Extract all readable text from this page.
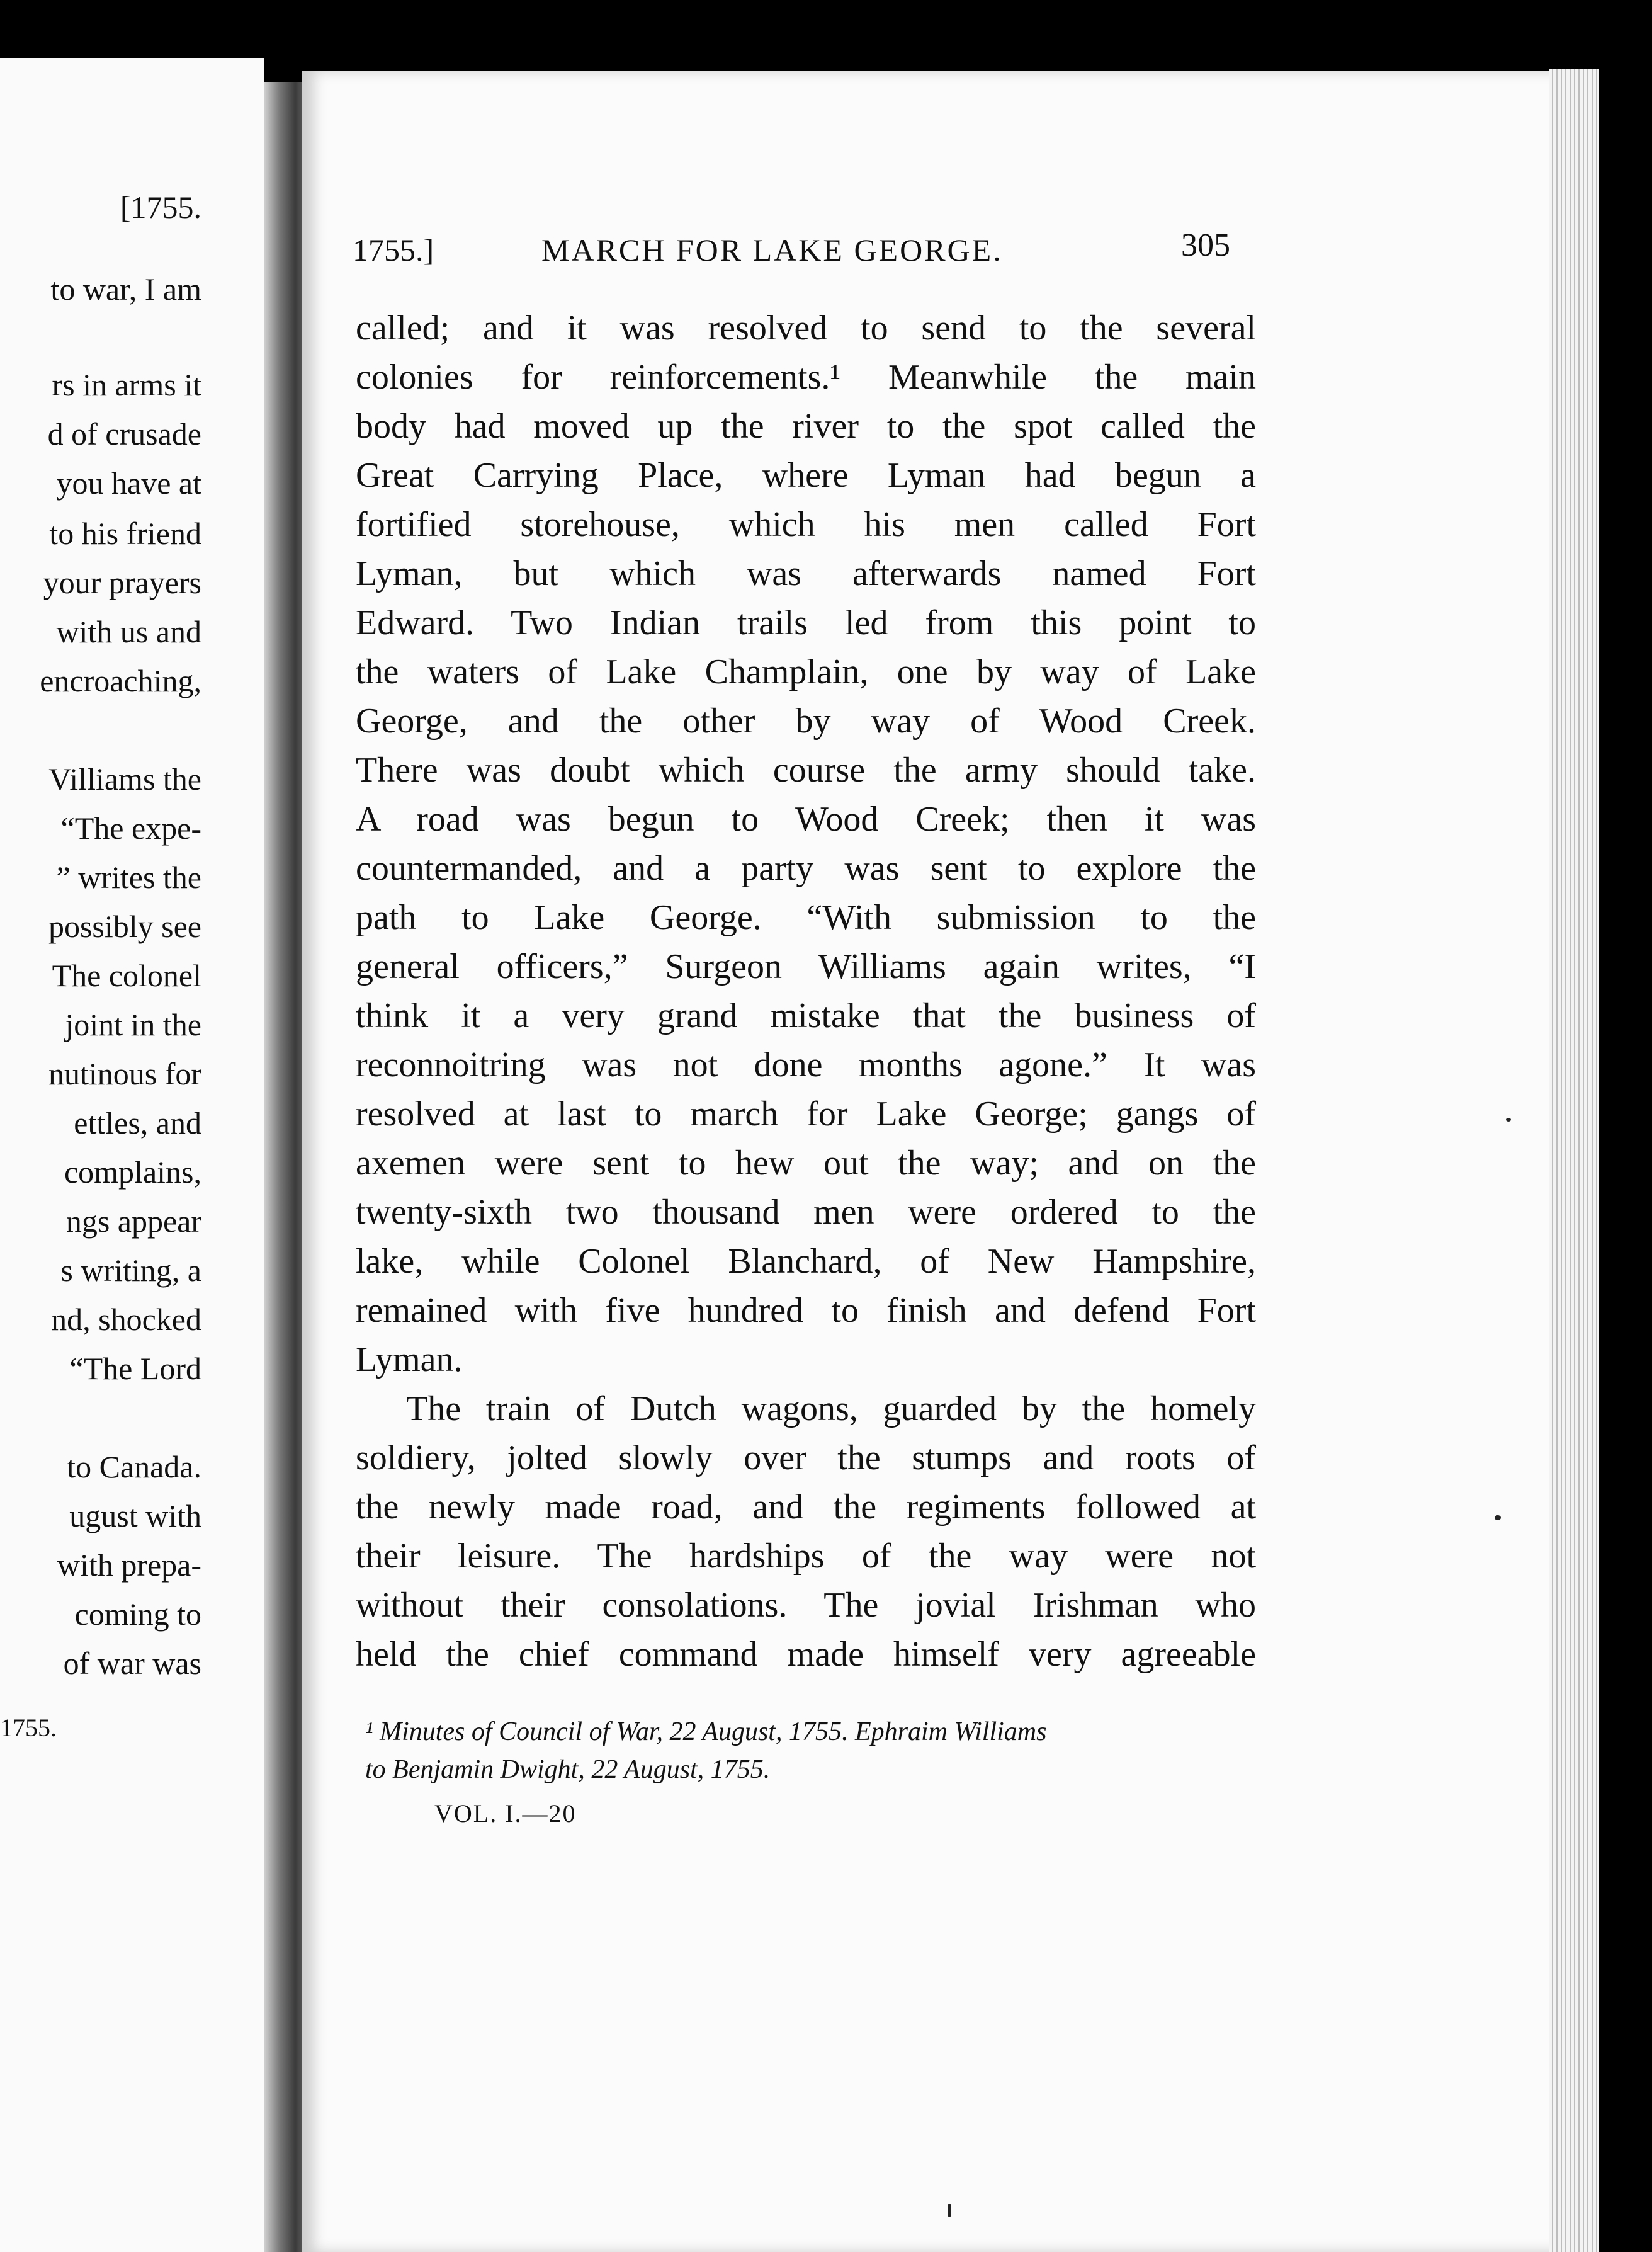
[1755.
to war, I am
rs in arms it
d of crusade
you have at
to his friend
your prayers
with us and
encroaching,
Villiams the
“The expe-
” writes the
possibly see
The colonel
joint in the
nutinous for
ettles, and
complains,
ngs appear
s writing, a
nd, shocked
“The Lord
to Canada.
ugust with
with prepa-
coming to
of war was
1755.
1755.]	MARCH FOR LAKE GEORGE.	305

called; and it was resolved to send to the several

colonies for reinforcements.¹ Meanwhile the main

body had moved up the river to the spot called the

Great Carrying Place, where Lyman had begun a

fortified storehouse, which his men called Fort

Lyman, but which was afterwards named Fort

Edward. Two Indian trails led from this point to

the waters of Lake Champlain, one by way of Lake

George, and the other by way of Wood Creek.

There was doubt which course the army should take.

A road was begun to Wood Creek; then it was

countermanded, and a party was sent to explore the

path to Lake George. “With submission to the

general officers,” Surgeon Williams again writes, “I

think it a very grand mistake that the business of

reconnoitring was not done months agone.” It was

resolved at last to march for Lake George; gangs of

axemen were sent to hew out the way; and on the

twenty-sixth two thousand men were ordered to the

lake, while Colonel Blanchard, of New Hampshire,

remained with five hundred to finish and defend Fort

Lyman.

The train of Dutch wagons, guarded by the homely

soldiery, jolted slowly over the stumps and roots of

the newly made road, and the regiments followed at

their leisure. The hardships of the way were not

without their consolations. The jovial Irishman who

held the chief command made himself very agreeable

¹ Minutes of Council of War, 22 August, 1755. Ephraim Williams

to Benjamin Dwight, 22 August, 1755.

VOL. I.—20
